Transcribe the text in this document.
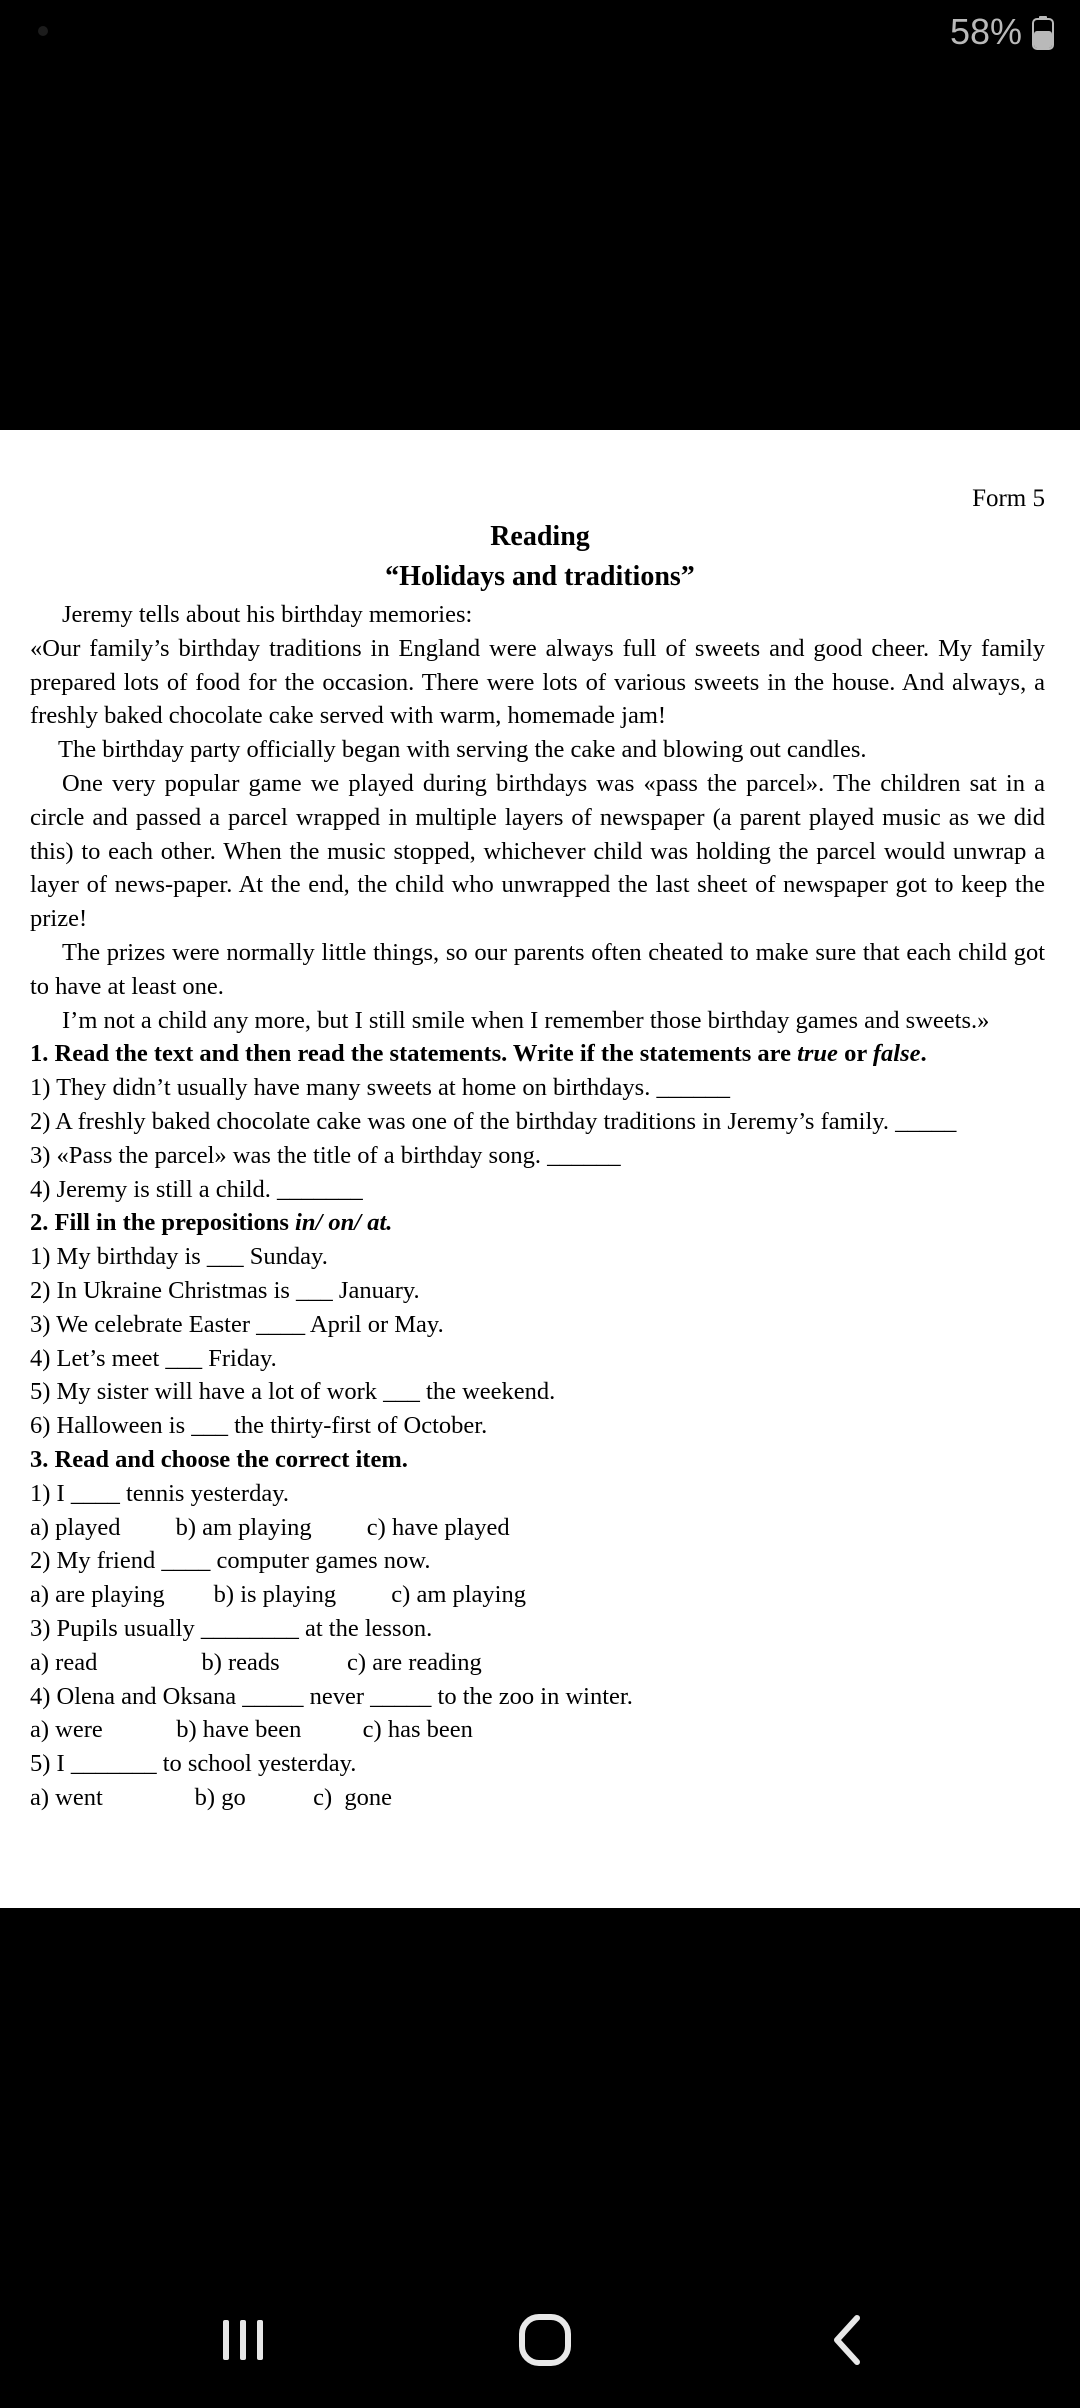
58%
Form 5
Reading
“Holidays and traditions”

Jeremy tells about his birthday memories:

«Our family’s birthday traditions in England were always full of sweets and good cheer. My family prepared lots of food for the occasion. There were lots of various sweets in the house. And always, a freshly baked chocolate cake served with warm, homemade jam!

The birthday party officially began with serving the cake and blowing out candles.

One very popular game we played during birthdays was «pass the parcel». The children sat in a circle and passed a parcel wrapped in multiple layers of newspaper (a parent played music as we did this) to each other. When the music stopped, whichever child was holding the parcel would unwrap a layer of news-paper. At the end, the child who unwrapped the last sheet of newspaper got to keep the prize!

The prizes were normally little things, so our parents often cheated to make sure that each child got to have at least one.

I’m not a child any more, but I still smile when I remember those birthday games and sweets.»

1. Read the text and then read the statements. Write if the statements are true or false.

1) They didn’t usually have many sweets at home on birthdays. ______

2) A freshly baked chocolate cake was one of the birthday traditions in Jeremy’s family. _____

3) «Pass the parcel» was the title of a birthday song. ______

4) Jeremy is still a child. _______

2. Fill in the prepositions in/ on/ at.

1) My birthday is ___ Sunday.

2) In Ukraine Christmas is ___ January.

3) We celebrate Easter ____ April or May.

4) Let’s meet ___ Friday.

5) My sister will have a lot of work ___ the weekend.

6) Halloween is ___ the thirty-first of October.

3. Read and choose the correct item.

1) I ____ tennis yesterday.

a) played         b) am playing         c) have played

2) My friend ____ computer games now.

a) are playing        b) is playing         c) am playing

3) Pupils usually ________ at the lesson.

a) read                 b) reads           c) are reading

4) Olena and Oksana _____ never _____ to the zoo in winter.

a) were            b) have been          c) has been

5) I _______ to school yesterday.

a) went               b) go           c)  gone
